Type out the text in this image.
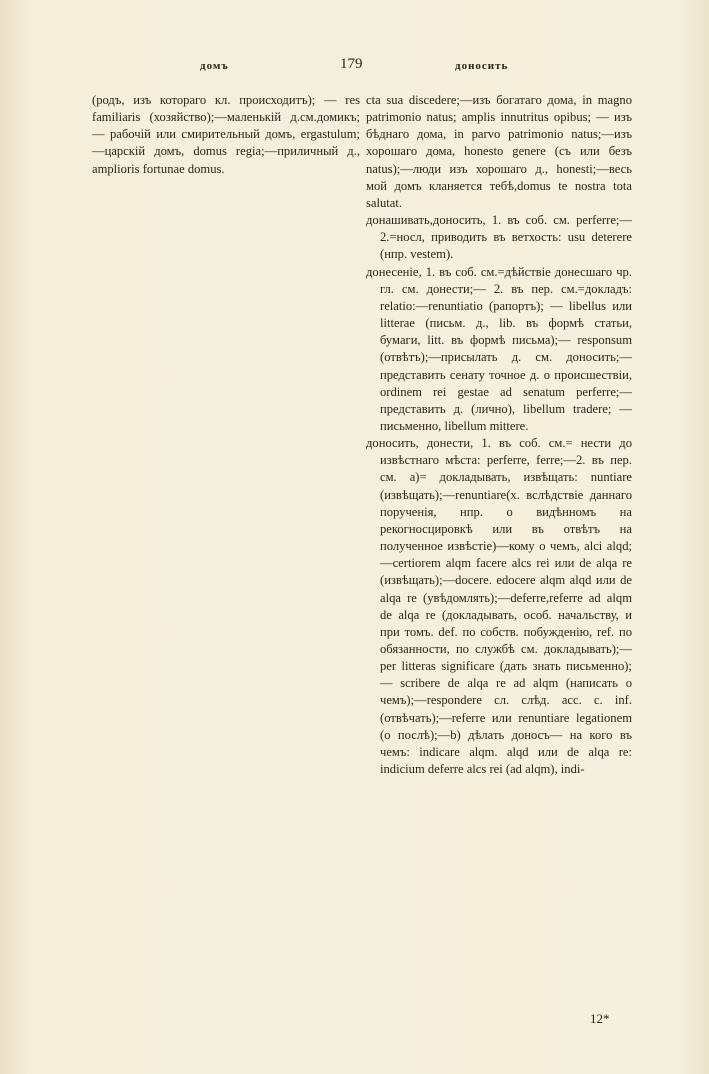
домъ	179	доносить

(родъ, изъ котораго кл. происходитъ); — res familiaris (хозяйство);—маленькій д.см.домикъ; — рабочій или смирительный домъ, ergastulum;—царскій домъ, domus regia;—приличный д., amplioris fortunae domus.

cta sua discedere;—изъ богатаго дома, in magno patrimonio natus; amplis innutritus opibus; — изъ бѣднаго дома, in parvo patrimonio natus;—изъ хорошаго дома, honesto genere (съ или безъ natus);—люди изъ хорошаго д., honesti;—весь мой домъ кланяется тебѣ,domus te nostra tota salutat.

донашивать,доносить, 1. въ соб. см. perferre;— 2.=носл, приводить въ ветхость: usu deterere (нпр. vestem).

донесеніе, 1. въ соб. см.=дѣйствіе донесшаго чр. гл. см. донести;— 2. въ пер. см.=докладъ: relatio:—renuntiatio (рапортъ); — libellus или litterae (письм. д., lib. въ формѣ статьи, бумаги, litt. въ формѣ письма);— responsum (отвѣтъ);—присылать д. см. доносить;—представить сенату точное д. о происшествіи, ordinem rei gestae ad senatum perferre;— представить д. (лично), libellum tradere; — письменно, libellum mittere.

доносить, донести, 1. въ соб. см.= нести до извѣстнаго мѣста: perferre, ferre;—2. въ пер. см. а)= докладывать, извѣщать: nuntiare (извѣщать);—renuntiare(х. вслѣдствіе даннаго порученія, нпр. о видѣнномъ на рекогносцировкѣ или въ отвѣтъ на полученное извѣстіе)—кому о чемъ, alci alqd; —certiorem alqm facere alcs rei или de alqa re (извѣщать);—docere. edocere alqm alqd или de alqa re (увѣдомлять);—deferre,referre ad alqm de alqa re (докладывать, особ. начальству, и при томъ. def. по собств. побужденію, ref. по обязанности, по службѣ см. докладывать);—per litteras significare (дать знать письменно);— scribere de alqa re ad alqm (написать о чемъ);—respondere сл. слѣд. acc. c. inf. (отвѣчать);—referre или renuntiare legationem (о послѣ);—b) дѣлать доносъ— на кого въ чемъ: indicare alqm. alqd или de alqa re: indicium deferre alcs rei (ad alqm), indi-

12*
